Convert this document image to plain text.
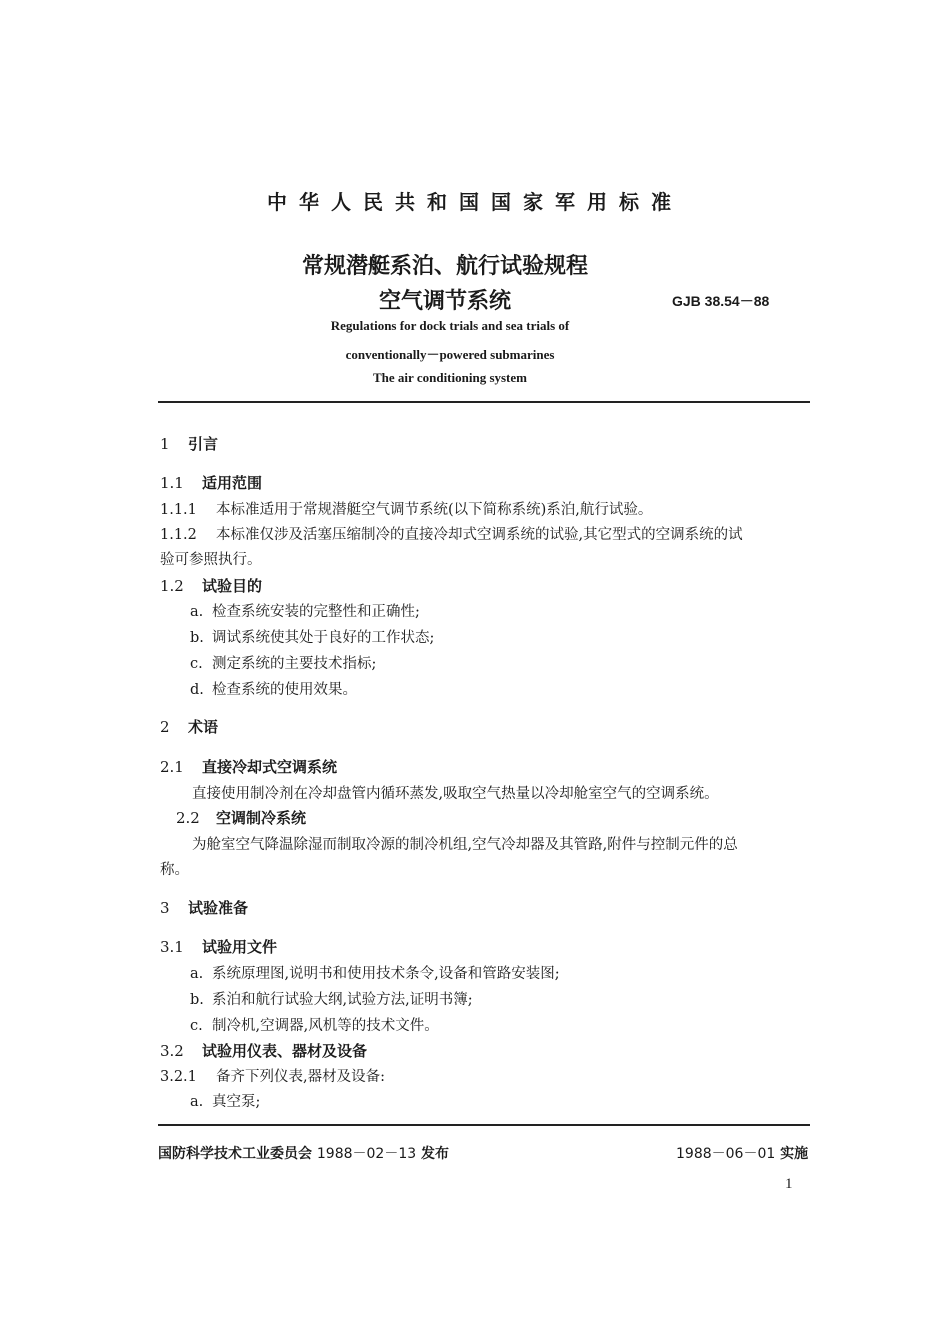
中华人民共和国国家军用标准
常规潜艇系泊、航行试验规程
空气调节系统	GJB 38.54－88
Regulations for dock trials and sea trials of
conventionally－powered submarines
The air conditioning system
1 引言
1.1 适用范围
1.1.1 本标准适用于常规潜艇空气调节系统(以下简称系统)系泊,航行试验。
1.1.2 本标准仅涉及活塞压缩制冷的直接冷却式空调系统的试验,其它型式的空调系统的试
验可参照执行。
1.2 试验目的
a. 检查系统安装的完整性和正确性;
b. 调试系统使其处于良好的工作状态;
c. 测定系统的主要技术指标;
d. 检查系统的使用效果。
2 术语
2.1 直接冷却式空调系统
直接使用制冷剂在冷却盘管内循环蒸发,吸取空气热量以冷却舱室空气的空调系统。
2.2 空调制冷系统
为舱室空气降温除湿而制取冷源的制冷机组,空气冷却器及其管路,附件与控制元件的总
称。
3 试验准备
3.1 试验用文件
a. 系统原理图,说明书和使用技术条令,设备和管路安装图;
b. 系泊和航行试验大纲,试验方法,证明书簿;
c. 制冷机,空调器,风机等的技术文件。
3.2 试验用仪表、器材及设备
3.2.1 备齐下列仪表,器材及设备:
a. 真空泵;
国防科学技术工业委员会 1988－02－13 发布	1988－06－01 实施
1
